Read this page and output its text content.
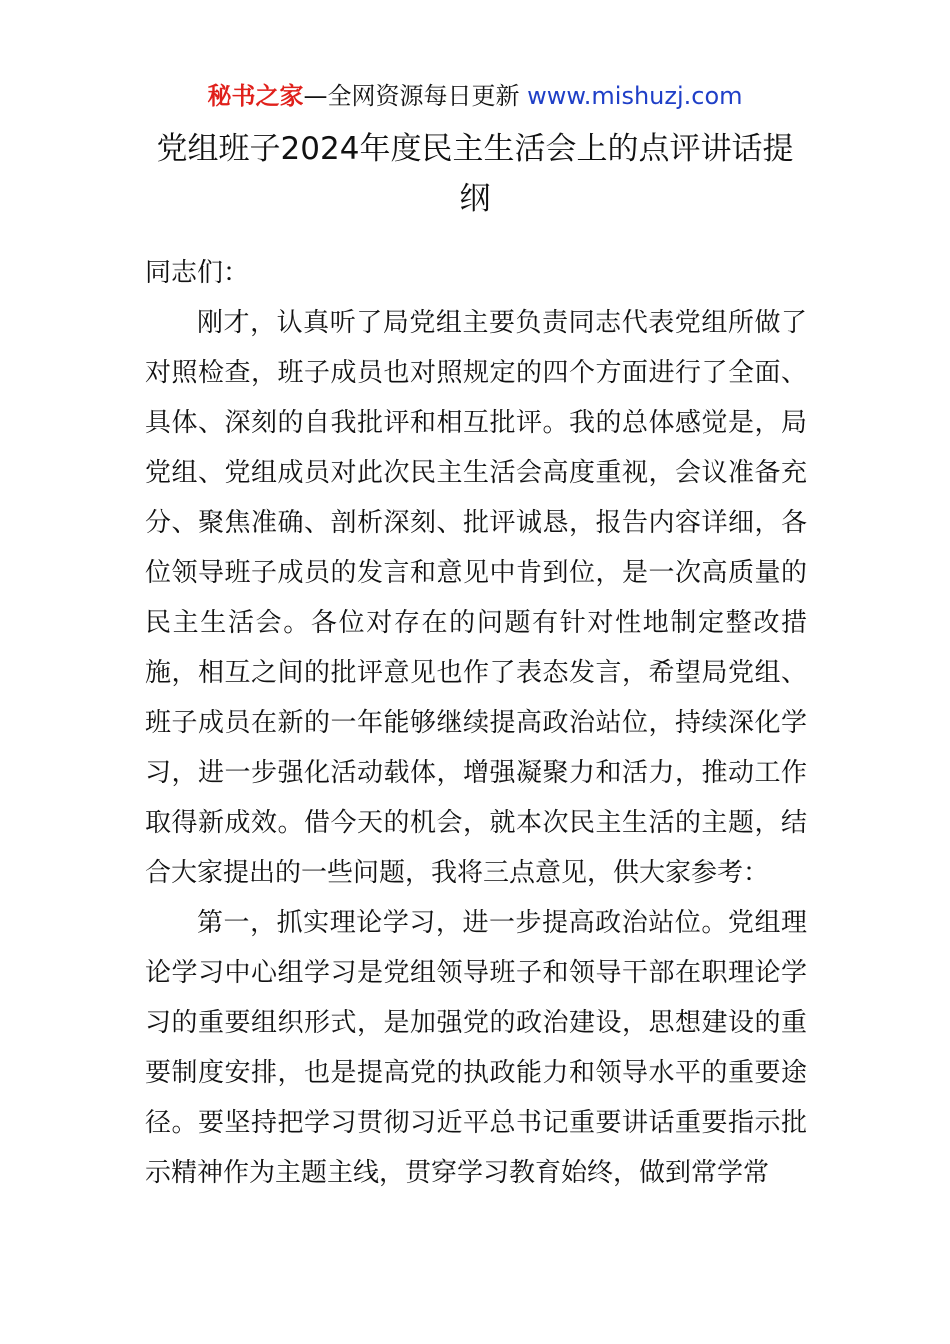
秘书之家—全网资源每日更新 www.mishuzj.com
党组班子2024年度民主生活会上的点评讲话提纲

同志们：

刚才，认真听了局党组主要负责同志代表党组所做了对照检查，班子成员也对照规定的四个方面进行了全面、具体、深刻的自我批评和相互批评。我的总体感觉是，局党组、党组成员对此次民主生活会高度重视，会议准备充分、聚焦准确、剖析深刻、批评诚恳，报告内容详细，各位领导班子成员的发言和意见中肯到位，是一次高质量的民主生活会。各位对存在的问题有针对性地制定整改措施，相互之间的批评意见也作了表态发言，希望局党组、班子成员在新的一年能够继续提高政治站位，持续深化学习，进一步强化活动载体，增强凝聚力和活力，推动工作取得新成效。借今天的机会，就本次民主生活的主题，结合大家提出的一些问题，我将三点意见，供大家参考：

第一，抓实理论学习，进一步提高政治站位。党组理论学习中心组学习是党组领导班子和领导干部在职理论学习的重要组织形式，是加强党的政治建设，思想建设的重要制度安排，也是提高党的执政能力和领导水平的重要途径。要坚持把学习贯彻习近平总书记重要讲话重要指示批示精神作为主题主线，贯穿学习教育始终，做到常学常
